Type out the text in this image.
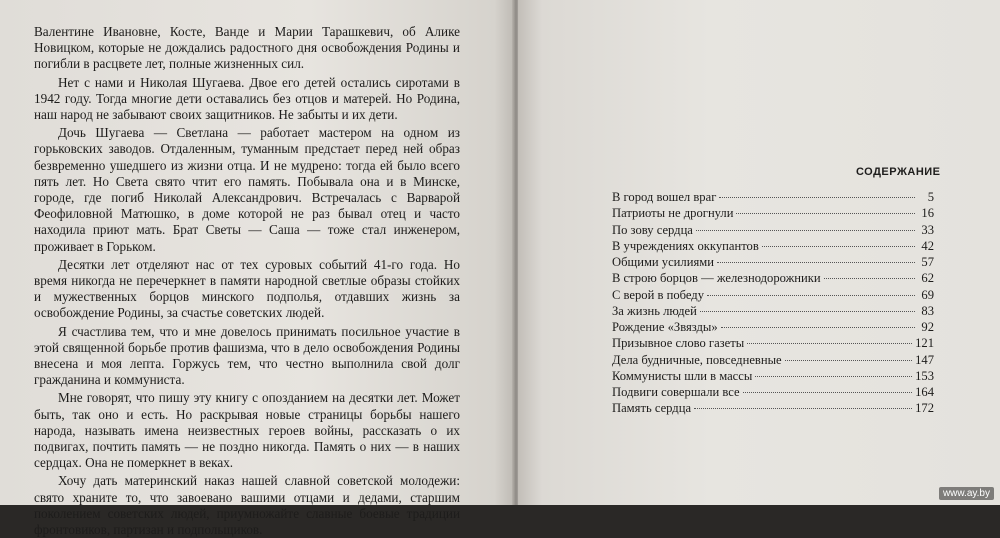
Валентине Ивановне, Косте, Ванде и Марии Тарашкевич, об Алике Новицком, которые не дождались радостного дня освобождения Родины и погибли в расцвете лет, полные жизненных сил.

Нет с нами и Николая Шугаева. Двое его детей остались сиротами в 1942 году. Тогда многие дети оставались без отцов и матерей. Но Родина, наш народ не забывают своих защитников. Не забыты и их дети.

Дочь Шугаева — Светлана — работает мастером на одном из горьковских заводов. Отдаленным, туманным предстает перед ней образ безвременно ушедшего из жизни отца. И не мудрено: тогда ей было всего пять лет. Но Света свято чтит его память. Побывала она и в Минске, городе, где погиб Николай Александрович. Встречалась с Варварой Феофиловной Матюшко, в доме которой не раз бывал отец и часто находила приют мать. Брат Светы — Саша — тоже стал инженером, проживает в Горьком.

Десятки лет отделяют нас от тех суровых событий 41-го года. Но время никогда не перечеркнет в памяти народной светлые образы стойких и мужественных борцов минского подполья, отдавших жизнь за освобождение Родины, за счастье советских людей.

Я счастлива тем, что и мне довелось принимать посильное участие в этой священной борьбе против фашизма, что в дело освобождения Родины внесена и моя лепта. Горжусь тем, что честно выполнила свой долг гражданина и коммуниста.

Мне говорят, что пишу эту книгу с опозданием на десятки лет. Может быть, так оно и есть. Но раскрывая новые страницы борьбы нашего народа, называть имена неизвестных героев войны, рассказать о их подвигах, почтить память — не поздно никогда. Память о них — в наших сердцах. Она не померкнет в веках.

Хочу дать материнский наказ нашей славной советской молодежи: свято храните то, что завоевано вашими отцами и дедами, старшим поколением советских людей, приумножайте славные боевые традиции фронтовиков, партизан и подпольщиков.

СОДЕРЖАНИЕ
В город вошел враг	5
Патриоты не дрогнули	16
По зову сердца	33
В учреждениях оккупантов	42
Общими усилиями	57
В строю борцов — железнодорожники	62
С верой в победу	69
За жизнь людей	83
Рождение «Звязды»	92
Призывное слово газеты	121
Дела будничные, повседневные	147
Коммунисты шли в массы	153
Подвиги совершали все	164
Память сердца	172
www.ay.by
